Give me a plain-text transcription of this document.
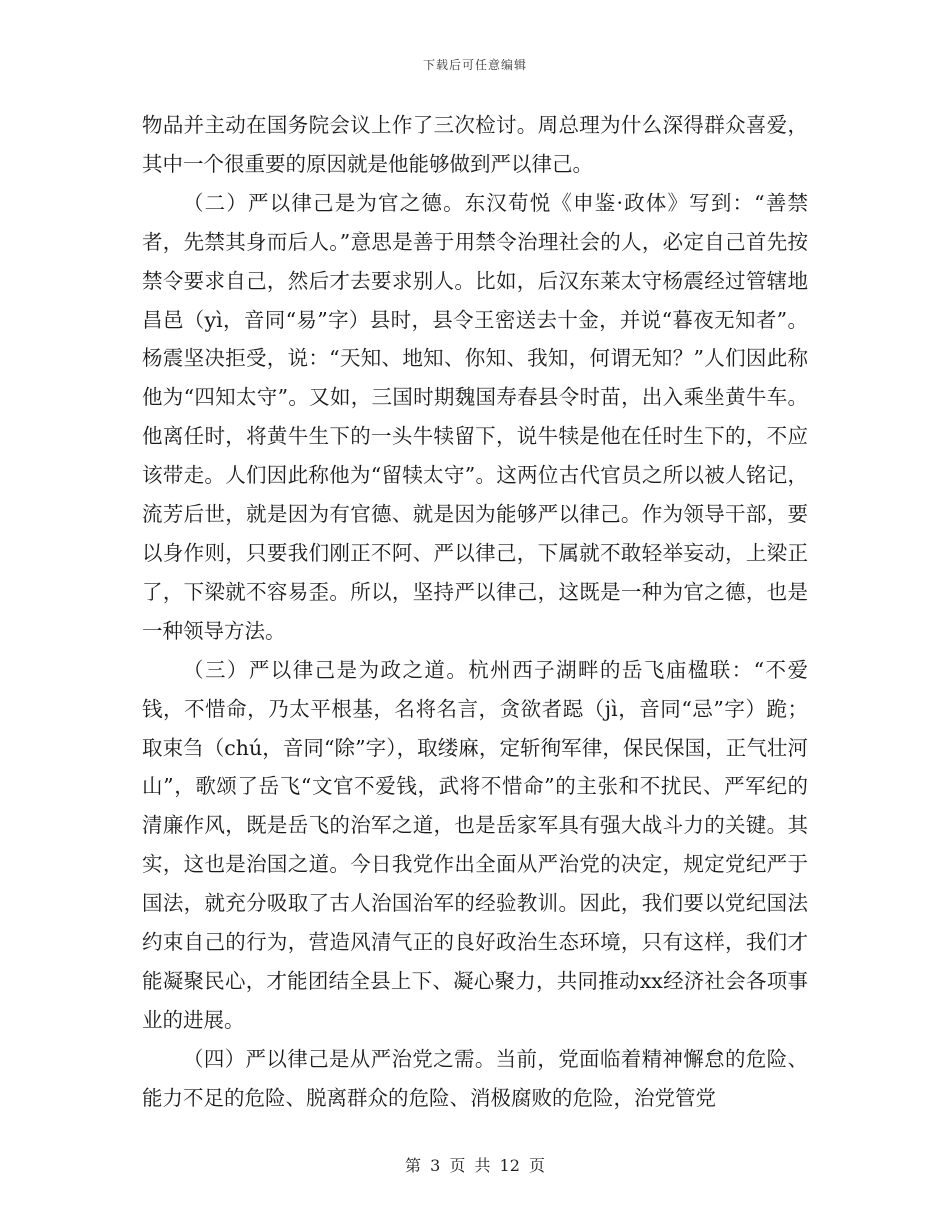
下载后可任意编辑

物品并主动在国务院会议上作了三次检讨。周总理为什么深得群众喜爱，其中一个很重要的原因就是他能够做到严以律己。

（二）严以律己是为官之德。东汉荀悦《申鉴·政体》写到：“善禁者，先禁其身而后人。”意思是善于用禁令治理社会的人，必定自己首先按禁令要求自己，然后才去要求别人。比如，后汉东莱太守杨震经过管辖地昌邑（yì，音同“易”字）县时，县令王密送去十金，并说“暮夜无知者”。杨震坚决拒受，说：“天知、地知、你知、我知，何谓无知？”人们因此称他为“四知太守”。又如，三国时期魏国寿春县令时苗，出入乘坐黄牛车。他离任时，将黄牛生下的一头牛犊留下，说牛犊是他在任时生下的，不应该带走。人们因此称他为“留犊太守”。这两位古代官员之所以被人铭记，流芳后世，就是因为有官德、就是因为能够严以律己。作为领导干部，要以身作则，只要我们刚正不阿、严以律己，下属就不敢轻举妄动，上梁正了，下梁就不容易歪。所以，坚持严以律己，这既是一种为官之德，也是一种领导方法。

（三）严以律己是为政之道。杭州西子湖畔的岳飞庙楹联：“不爱钱，不惜命，乃太平根基，名将名言，贪欲者跽（jì，音同“忌”字）跪；取束刍（chú，音同“除”字），取缕麻，定斩徇军律，保民保国，正气壮河山”，歌颂了岳飞“文官不爱钱，武将不惜命”的主张和不扰民、严军纪的清廉作风，既是岳飞的治军之道，也是岳家军具有强大战斗力的关键。其实，这也是治国之道。今日我党作出全面从严治党的决定，规定党纪严于国法，就充分吸取了古人治国治军的经验教训。因此，我们要以党纪国法约束自己的行为，营造风清气正的良好政治生态环境，只有这样，我们才能凝聚民心，才能团结全县上下、凝心聚力，共同推动xx经济社会各项事业的进展。

（四）严以律己是从严治党之需。当前，党面临着精神懈怠的危险、能力不足的危险、脱离群众的危险、消极腐败的危险，治党管党

第 3 页 共 12 页
